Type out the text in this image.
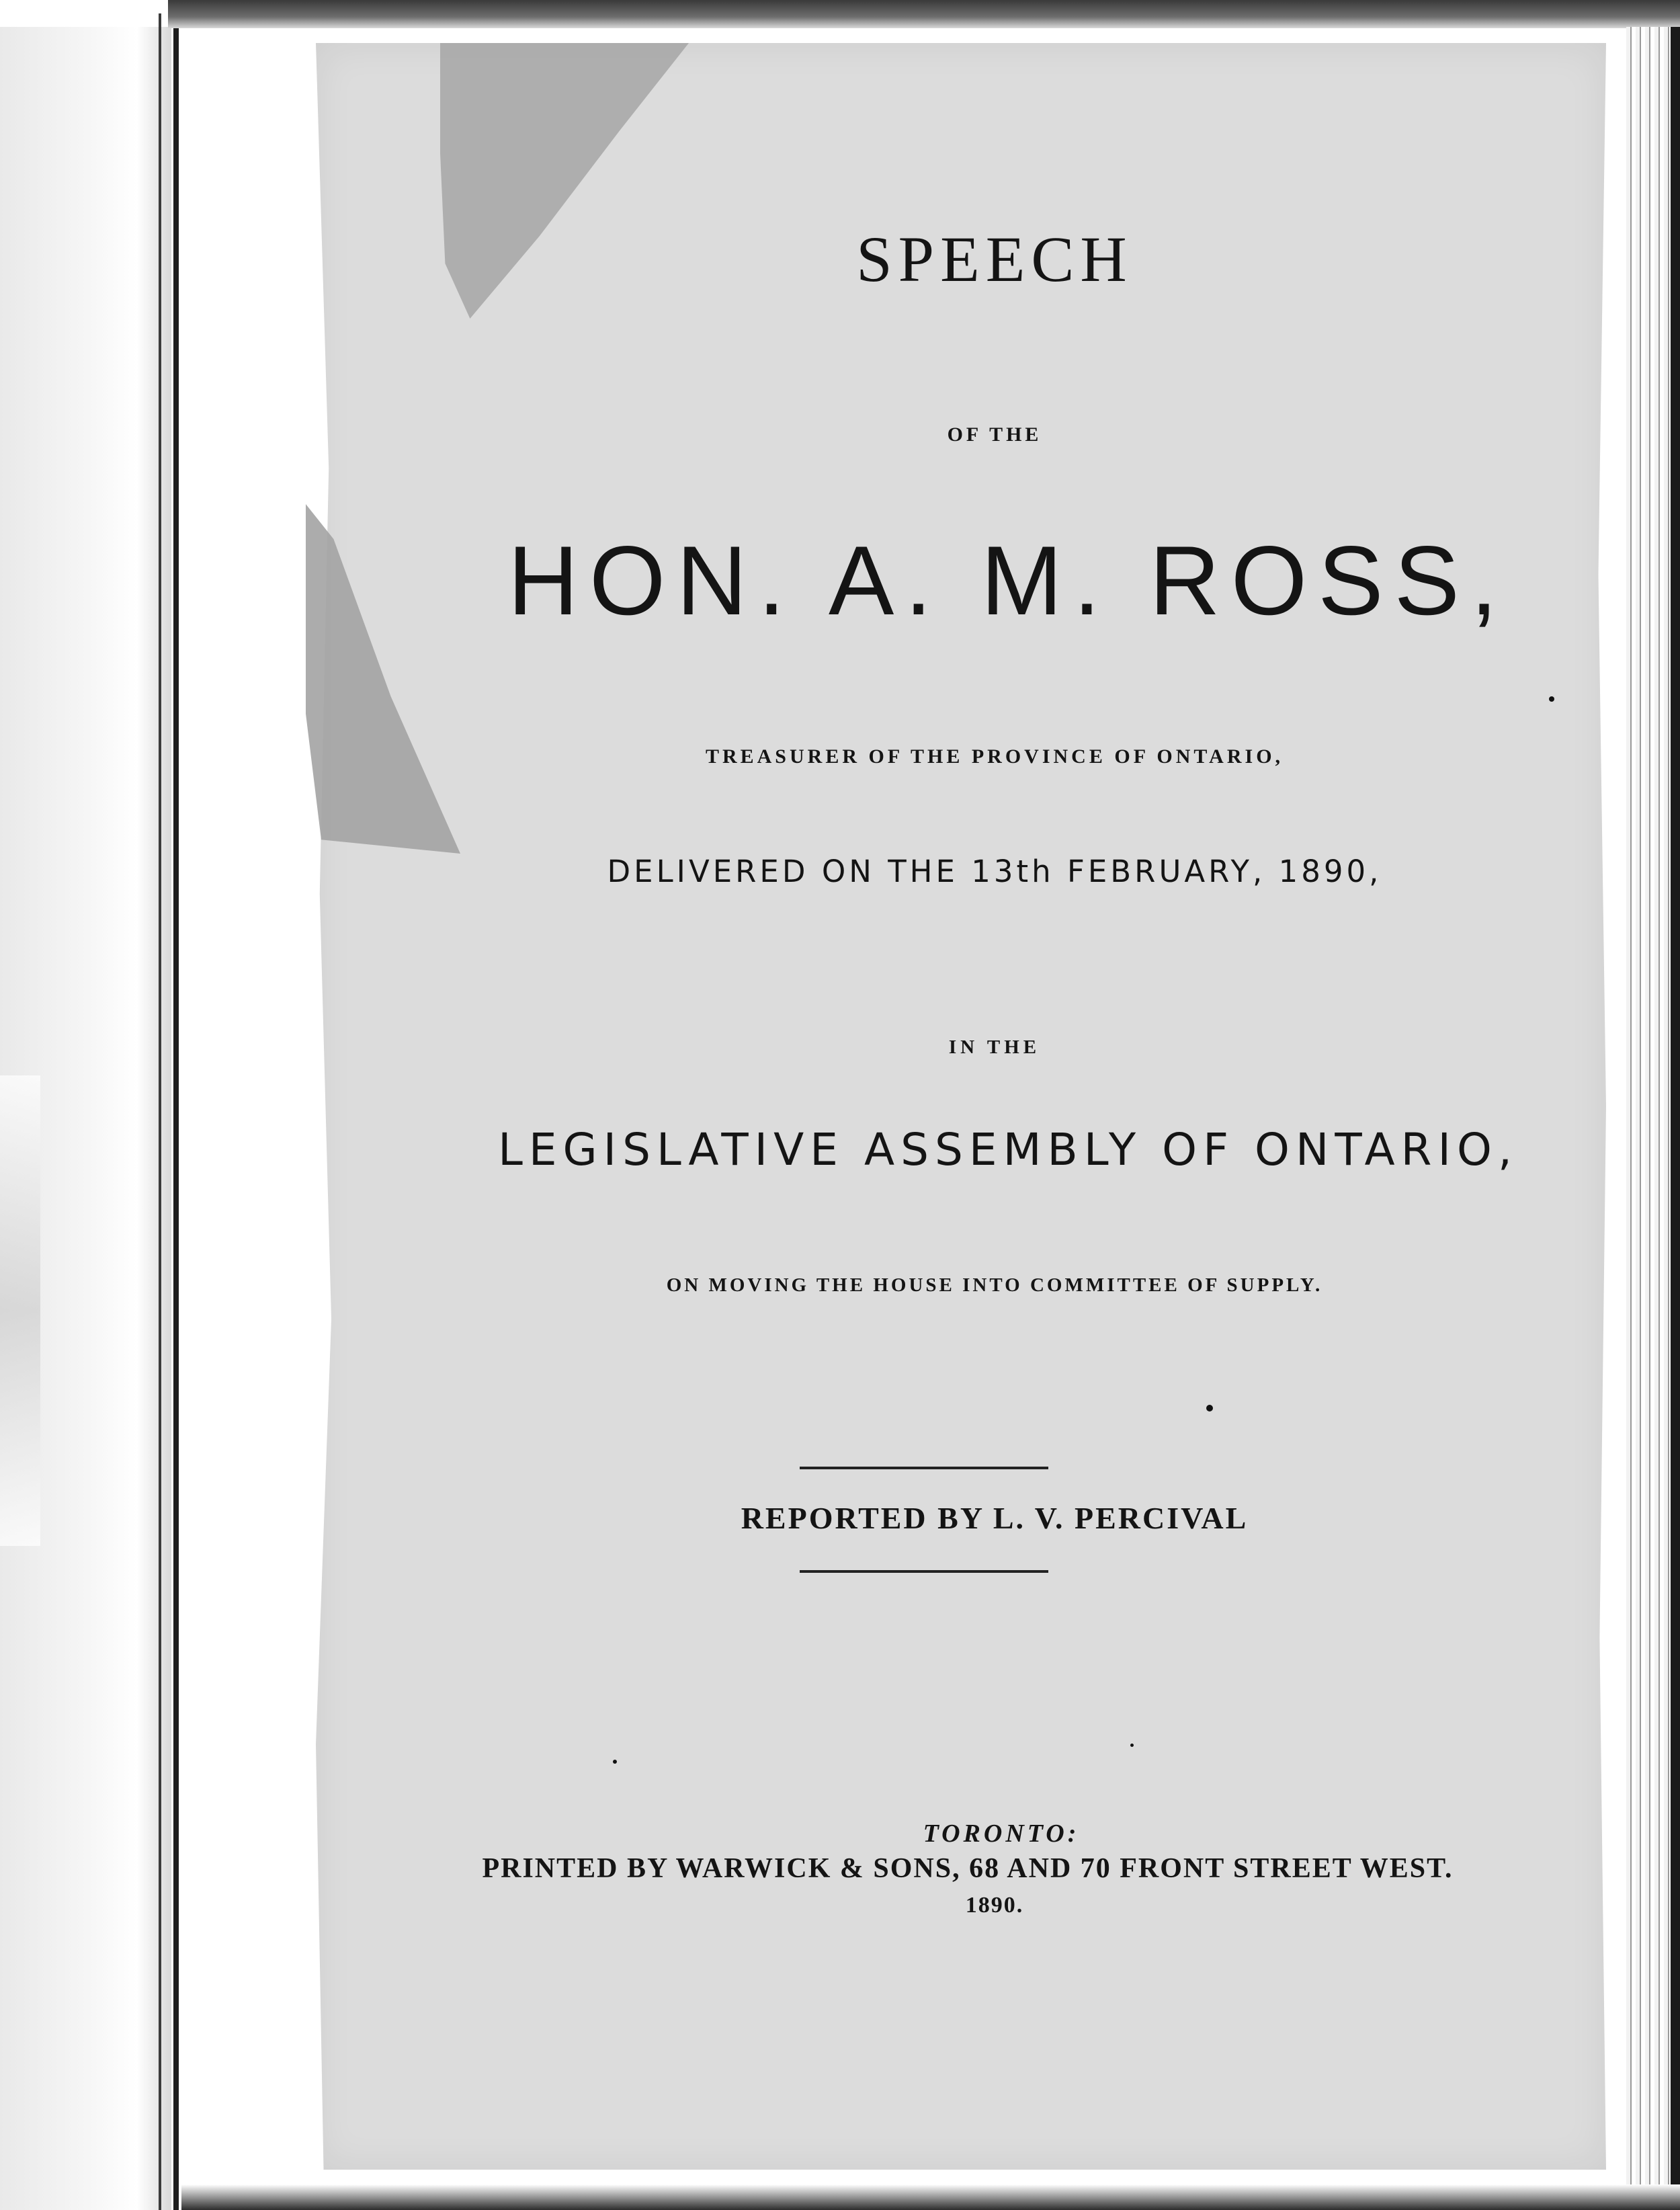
SPEECH
OF THE
HON. A. M. ROSS,
TREASURER OF THE PROVINCE OF ONTARIO,
DELIVERED ON THE 13th FEBRUARY, 1890,
IN THE
LEGISLATIVE ASSEMBLY OF ONTARIO,
ON MOVING THE HOUSE INTO COMMITTEE OF SUPPLY.
REPORTED BY L. V. PERCIVAL
TORONTO:
PRINTED BY WARWICK & SONS, 68 AND 70 FRONT STREET WEST.
1890.
